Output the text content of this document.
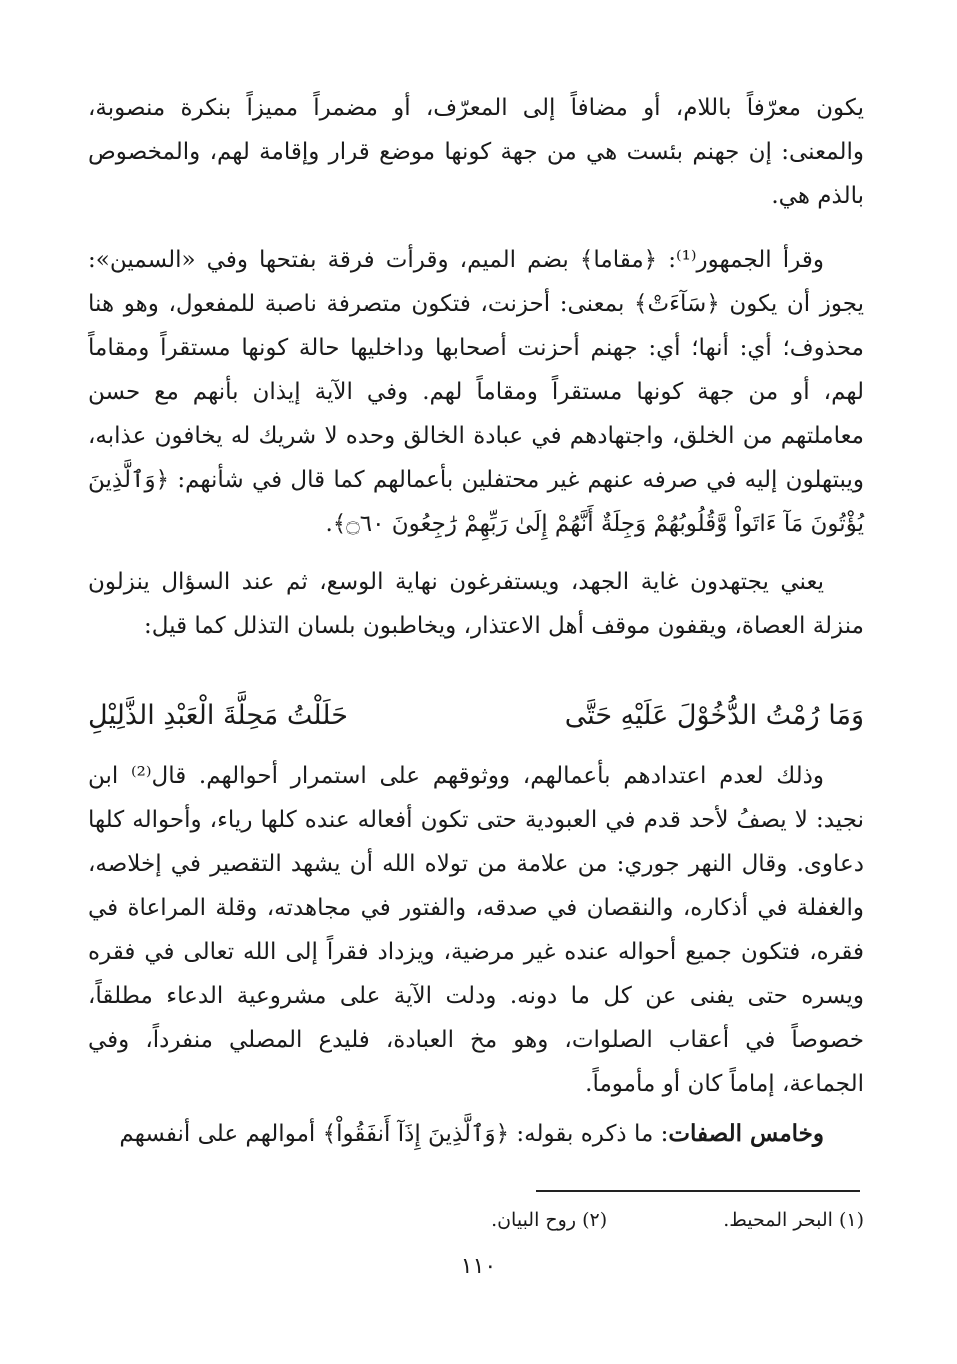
يكون معرّفاً باللام، أو مضافاً إلى المعرّف، أو مضمراً مميزاً بنكرة منصوبة، والمعنى: إن جهنم بئست هي من جهة كونها موضع قرار وإقامة لهم، والمخصوص بالذم هي.

وقرأ الجمهور⁽¹⁾: ﴿مقاما﴾ بضم الميم، وقرأت فرقة بفتحها وفي «السمين»: يجوز أن يكون ﴿سَآءَتْ﴾ بمعنى: أحزنت، فتكون متصرفة ناصبة للمفعول، وهو هنا محذوف؛ أي: أنها؛ أي: جهنم أحزنت أصحابها وداخليها حالة كونها مستقراً ومقاماً لهم، أو من جهة كونها مستقراً ومقاماً لهم. وفي الآية إيذان بأنهم مع حسن معاملتهم من الخلق، واجتهادهم في عبادة الخالق وحده لا شريك له يخافون عذابه، ويبتهلون إليه في صرفه عنهم غير محتفلين بأعمالهم كما قال في شأنهم: ﴿وَٱلَّذِينَ يُؤْتُونَ مَآ ءَاتَواْ وَّقُلُوبُهُمْ وَجِلَةٌ أَنَّهُمْ إِلَىٰ رَبِّهِمْ رَٰجِعُونَ ۝٦٠﴾.

يعني يجتهدون غاية الجهد، ويستفرغون نهاية الوسع، ثم عند السؤال ينزلون منزلة العصاة، ويقفون موقف أهل الاعتذار، ويخاطبون بلسان التذلل كما قيل:

وَمَا رُمْتُ الدُّخُوْلَ عَلَيْهِ حَتَّى
حَلَلْتُ مَحِلَّةَ الْعَبْدِ الذَّلِيْلِ

وذلك لعدم اعتدادهم بأعمالهم، ووثوقهم على استمرار أحوالهم. قال⁽²⁾ ابن نجيد: لا يصفُ لأحد قدم في العبودية حتى تكون أفعاله عنده كلها رياء، وأحواله كلها دعاوى. وقال النهر جوري: من علامة من تولاه الله أن يشهد التقصير في إخلاصه، والغفلة في أذكاره، والنقصان في صدقه، والفتور في مجاهدته، وقلة المراعاة في فقره، فتكون جميع أحواله عنده غير مرضية، ويزداد فقراً إلى الله تعالى في فقره ويسره حتى يفنى عن كل ما دونه. ودلت الآية على مشروعية الدعاء مطلقاً، خصوصاً في أعقاب الصلوات، وهو مخ العبادة، فليدع المصلي منفرداً، وفي الجماعة، إماماً كان أو مأموماً.

وخامس الصفات: ما ذكره بقوله: ﴿وَٱلَّذِينَ إِذَآ أَنفَقُواْ﴾ أموالهم على أنفسهم

(١) البحر المحيط. (٢) روح البيان.

١١٠
